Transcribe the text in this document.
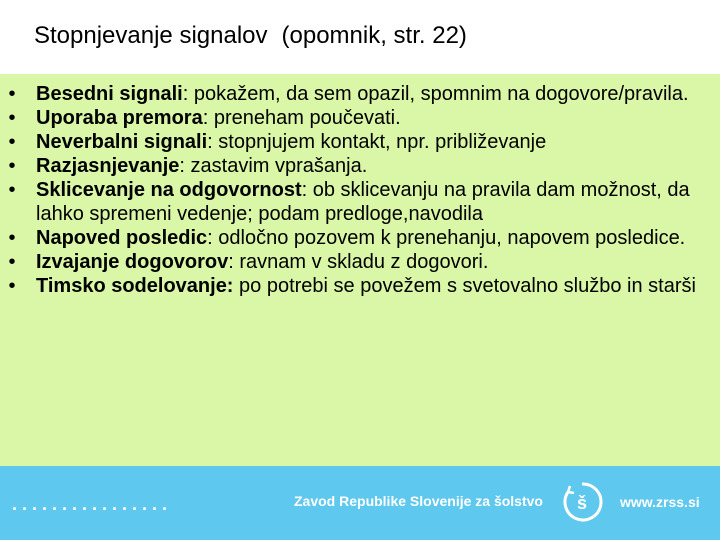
Stopnjevanje signalov (opomnik, str. 22)
• Besedni signali: pokažem, da sem opazil, spomnim na dogovore/pravila.
• Uporaba premora: preneham poučevati.
• Neverbalni signali: stopnjujem kontakt, npr. približevanje
• Razjasnjevanje: zastavim vprašanja.
• Sklicevanje na odgovornost: ob sklicevanju na pravila dam možnost, da lahko spremeni vedenje; podam predloge,navodila
• Napoved posledic: odločno pozovem k prenehanju, napovem posledice.
• Izvajanje dogovorov: ravnam v skladu z dogovori.
• Timsko sodelovanje: po potrebi se povežem s svetovalno službo in starši
................	Zavod Republike Slovenije za šolstvo š www.zrss.si
